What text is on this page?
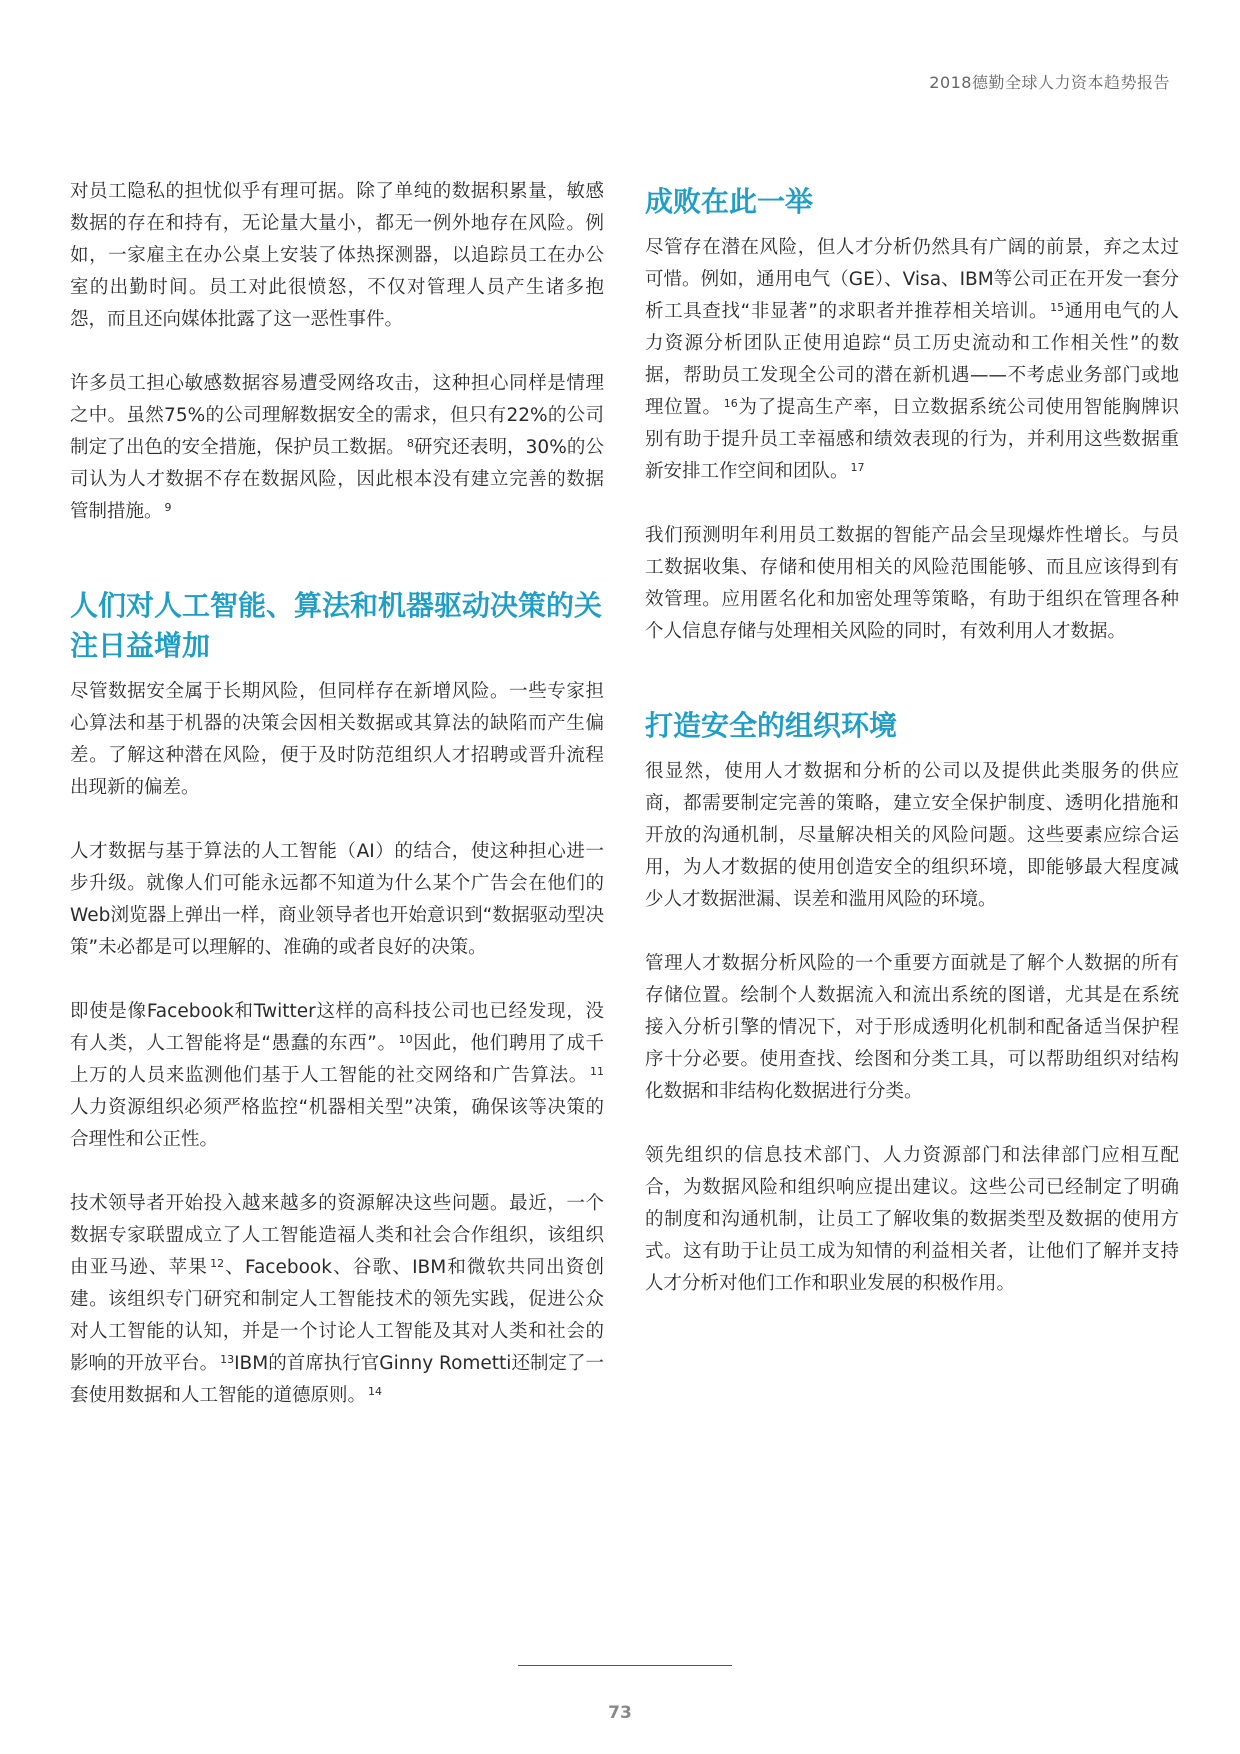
2018德勤全球人力资本趋势报告

对员工隐私的担忧似乎有理可据。除了单纯的数据积累量，敏感数据的存在和持有，无论量大量小，都无一例外地存在风险。例如，一家雇主在办公桌上安装了体热探测器，以追踪员工在办公室的出勤时间。员工对此很愤怒，不仅对管理人员产生诸多抱怨，而且还向媒体批露了这一恶性事件。

许多员工担心敏感数据容易遭受网络攻击，这种担心同样是情理之中。虽然75%的公司理解数据安全的需求，但只有22%的公司制定了出色的安全措施，保护员工数据。 $^8$研究还表明，30%的公司认为人才数据不存在数据风险，因此根本没有建立完善的数据管制措施。 $^9$

人们对人工智能、算法和机器驱动决策的关注日益增加

尽管数据安全属于长期风险，但同样存在新增风险。一些专家担心算法和基于机器的决策会因相关数据或其算法的缺陷而产生偏差。了解这种潜在风险，便于及时防范组织人才招聘或晋升流程出现新的偏差。

人才数据与基于算法的人工智能（AI）的结合，使这种担心进一步升级。就像人们可能永远都不知道为什么某个广告会在他们的Web浏览器上弹出一样，商业领导者也开始意识到“数据驱动型决策”未必都是可以理解的、准确的或者良好的决策。

即使是像Facebook和Twitter这样的高科技公司也已经发现，没有人类，人工智能将是“愚蠢的东西”。 $^{10}$因此，他们聘用了成千上万的人员来监测他们基于人工智能的社交网络和广告算法。 $^{11}$人力资源组织必须严格监控“机器相关型”决策，确保该等决策的合理性和公正性。

技术领导者开始投入越来越多的资源解决这些问题。最近，一个数据专家联盟成立了人工智能造福人类和社会合作组织，该组织由亚马逊、苹果 $^{12}$、Facebook、谷歌、IBM和微软共同出资创建。该组织专门研究和制定人工智能技术的领先实践，促进公众对人工智能的认知，并是一个讨论人工智能及其对人类和社会的影响的开放平台。 $^{13}$IBM的首席执行官Ginny Rometti还制定了一套使用数据和人工智能的道德原则。 $^{14}$

成败在此一举

尽管存在潜在风险，但人才分析仍然具有广阔的前景，弃之太过可惜。例如，通用电气（GE）、Visa、IBM等公司正在开发一套分析工具查找“非显著”的求职者并推荐相关培训。 $^{15}$通用电气的人力资源分析团队正使用追踪“员工历史流动和工作相关性”的数据，帮助员工发现全公司的潜在新机遇——不考虑业务部门或地理位置。 $^{16}$为了提高生产率，日立数据系统公司使用智能胸牌识别有助于提升员工幸福感和绩效表现的行为，并利用这些数据重新安排工作空间和团队。 $^{17}$

我们预测明年利用员工数据的智能产品会呈现爆炸性增长。与员工数据收集、存储和使用相关的风险范围能够、而且应该得到有效管理。应用匿名化和加密处理等策略，有助于组织在管理各种个人信息存储与处理相关风险的同时，有效利用人才数据。

打造安全的组织环境

很显然，使用人才数据和分析的公司以及提供此类服务的供应商，都需要制定完善的策略，建立安全保护制度、透明化措施和开放的沟通机制，尽量解决相关的风险问题。这些要素应综合运用，为人才数据的使用创造安全的组织环境，即能够最大程度减少人才数据泄漏、误差和滥用风险的环境。

管理人才数据分析风险的一个重要方面就是了解个人数据的所有存储位置。绘制个人数据流入和流出系统的图谱，尤其是在系统接入分析引擎的情况下，对于形成透明化机制和配备适当保护程序十分必要。使用查找、绘图和分类工具，可以帮助组织对结构化数据和非结构化数据进行分类。

领先组织的信息技术部门、人力资源部门和法律部门应相互配合，为数据风险和组织响应提出建议。这些公司已经制定了明确的制度和沟通机制，让员工了解收集的数据类型及数据的使用方式。这有助于让员工成为知情的利益相关者，让他们了解并支持人才分析对他们工作和职业发展的积极作用。

73
